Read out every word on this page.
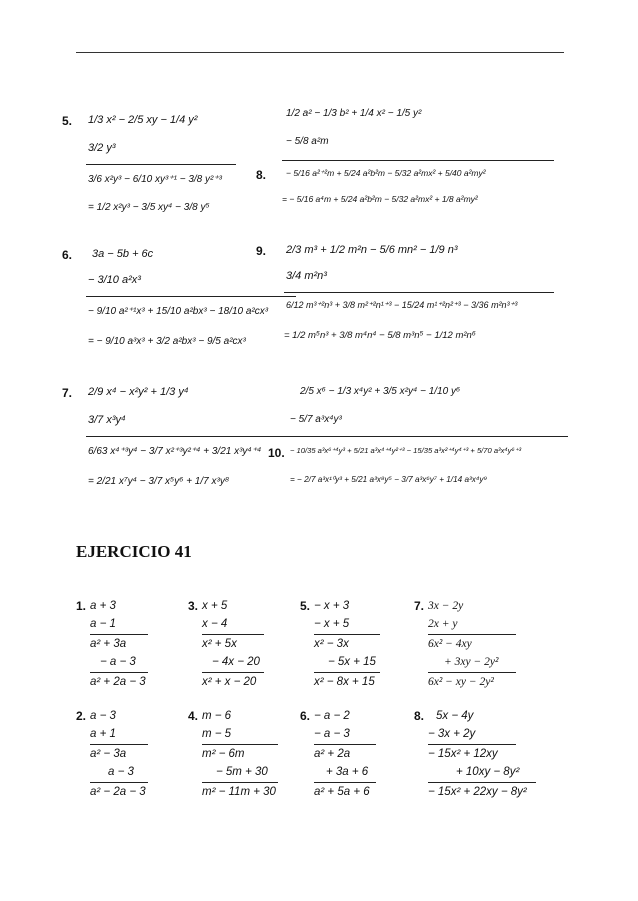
5. 1/3 x² − 2/5 xy − 1/4 y²
3/2 y³
3/6 x²y³ − 6/10 xy³⁺¹ − 3/8 y²⁺³
= 1/2 x²y³ − 3/5 xy⁴ − 3/8 y⁵
6. 3a − 5b + 6c
− 3/10 a²x³
− 9/10 a²⁺¹x³ + 15/10 a²bx³ − 18/10 a²cx³
= − 9/10 a³x³ + 3/2 a²bx³ − 9/5 a²cx³
7. 2/9 x⁴ − x²y² + 1/3 y⁴
3/7 x³y⁴
6/63 x⁴⁺³y⁴ − 3/7 x²⁺³y²⁺⁴ + 3/21 x³y⁴⁺⁴
= 2/21 x⁷y⁴ − 3/7 x⁵y⁶ + 1/7 x³y⁸
1/2 a² − 1/3 b² + 1/4 x² − 1/5 y²
− 5/8 a²m
8. − 5/16 a²⁺²m + 5/24 a²b²m − 5/32 a²mx² + 5/40 a²my²
= − 5/16 a⁴m + 5/24 a²b²m − 5/32 a²mx² + 1/8 a²my²
9. 2/3 m³ + 1/2 m²n − 5/6 mn² − 1/9 n³
3/4 m²n³
6/12 m³⁺²n³ + 3/8 m²⁺²n¹⁺³ − 15/24 m¹⁺²n²⁺³ − 3/36 m²n³⁺³
= 1/2 m⁵n³ + 3/8 m⁴n⁴ − 5/8 m³n⁵ − 1/12 m²n⁶
2/5 x⁶ − 1/3 x⁴y² + 3/5 x²y⁴ − 1/10 y⁶
− 5/7 a³x⁴y³
10. − 10/35 a³x⁶⁺⁴y³ + 5/21 a³x⁴⁺⁴y²⁺³ − 15/35 a³x²⁺⁴y⁴⁺³ + 5/70 a³x⁴y⁶⁺³
= − 2/7 a³x¹⁰y³ + 5/21 a³x⁸y⁵ − 3/7 a³x⁶y⁷ + 1/14 a³x⁴y⁹
EJERCICIO 41
1. a + 3
a − 1
a² + 3a
− a − 3
a² + 2a − 3
3. x + 5
x − 4
x² + 5x
− 4x − 20
x² + x − 20
5. − x + 3
− x + 5
x² − 3x
− 5x + 15
x² − 8x + 15
7. 3x − 2y
2x + y
6x² − 4xy
+ 3xy − 2y²
6x² − xy − 2y²
2. a − 3
a + 1
a² − 3a
a − 3
a² − 2a − 3
4. m − 6
m − 5
m² − 6m
− 5m + 30
m² − 11m + 30
6. − a − 2
− a − 3
a² + 2a
+ 3a + 6
a² + 5a + 6
8. 5x − 4y
− 3x + 2y
− 15x² + 12xy
+ 10xy − 8y²
− 15x² + 22xy − 8y²
